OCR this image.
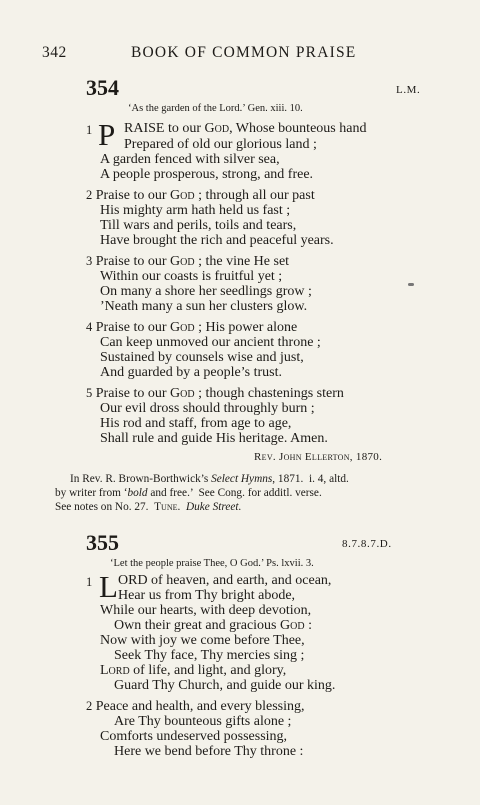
342	BOOK OF COMMON PRAISE
354	L.M.
‘As the garden of the Lord.’ Gen. xiii. 10.
1 P RAISE to our God, Whose bounteous hand
Prepared of old our glorious land ;
A garden fenced with silver sea,
A people prosperous, strong, and free.
2 Praise to our God ; through all our past
His mighty arm hath held us fast ;
Till wars and perils, toils and tears,
Have brought the rich and peaceful years.
3 Praise to our God ; the vine He set
Within our coasts is fruitful yet ;
On many a shore her seedlings grow ;
’Neath many a sun her clusters glow.
4 Praise to our God ; His power alone
Can keep unmoved our ancient throne ;
Sustained by counsels wise and just,
And guarded by a people’s trust.
5 Praise to our God ; though chastenings stern
Our evil dross should throughly burn ;
His rod and staff, from age to age,
Shall rule and guide His heritage. Amen.
Rev. John Ellerton, 1870.
In Rev. R. Brown-Borthwick’s Select Hymns, 1871.  i. 4, altd.
by writer from ‘bold and free.’  See Cong. for additl. verse.
See notes on No. 27.  Tune. Duke Street.
355	8.7.8.7.D.
‘Let the people praise Thee, O God.’ Ps. lxvii. 3.
1 L ORD of heaven, and earth, and ocean,
Hear us from Thy bright abode,
While our hearts, with deep devotion,
Own their great and gracious God :
Now with joy we come before Thee,
Seek Thy face, Thy mercies sing ;
Lord of life, and light, and glory,
Guard Thy Church, and guide our king.
2 Peace and health, and every blessing,
Are Thy bounteous gifts alone ;
Comforts undeserved possessing,
Here we bend before Thy throne :
